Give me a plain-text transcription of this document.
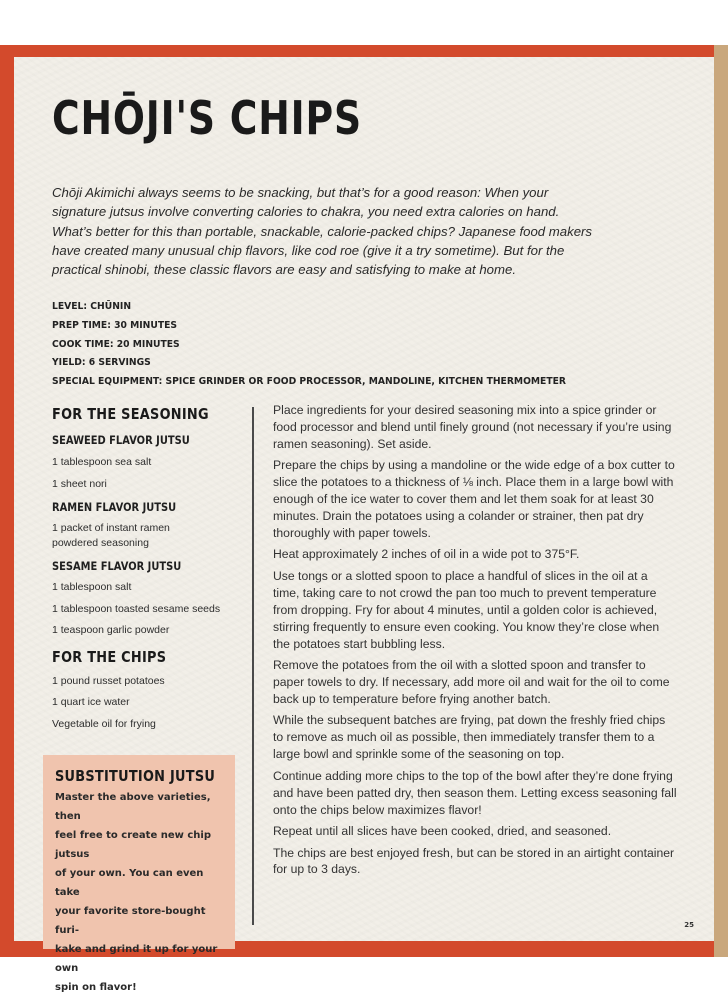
CHŌJI'S CHIPS

Chōji Akimichi always seems to be snacking, but that’s for a good reason: When your signature jutsus involve converting calories to chakra, you need extra calories on hand. What’s better for this than portable, snackable, calorie-packed chips? Japanese food makers have created many unusual chip flavors, like cod roe (give it a try sometime). But for the practical shinobi, these classic flavors are easy and satisfying to make at home.

LEVEL: CHŪNIN
PREP TIME: 30 MINUTES
COOK TIME: 20 MINUTES
YIELD: 6 SERVINGS
SPECIAL EQUIPMENT: SPICE GRINDER OR FOOD PROCESSOR, MANDOLINE, KITCHEN THERMOMETER
FOR THE SEASONING
SEAWEED FLAVOR JUTSU
1 tablespoon sea salt
1 sheet nori
RAMEN FLAVOR JUTSU
1 packet of instant ramen powdered seasoning
SESAME FLAVOR JUTSU
1 tablespoon salt
1 tablespoon toasted sesame seeds
1 teaspoon garlic powder
FOR THE CHIPS
1 pound russet potatoes
1 quart ice water
Vegetable oil for frying

Place ingredients for your desired seasoning mix into a spice grinder or food processor and blend until finely ground (not necessary if you’re using ramen seasoning). Set aside.

Prepare the chips by using a mandoline or the wide edge of a box cutter to slice the potatoes to a thickness of ⅛ inch. Place them in a large bowl with enough of the ice water to cover them and let them soak for at least 30 minutes. Drain the potatoes using a colander or strainer, then pat dry thoroughly with paper towels.

Heat approximately 2 inches of oil in a wide pot to 375°F.

Use tongs or a slotted spoon to place a handful of slices in the oil at a time, taking care to not crowd the pan too much to prevent temperature from dropping. Fry for about 4 minutes, until a golden color is achieved, stirring frequently to ensure even cooking. You know they’re close when the potatoes start bubbling less.

Remove the potatoes from the oil with a slotted spoon and transfer to paper towels to dry. If necessary, add more oil and wait for the oil to come back up to temperature before frying another batch.

While the subsequent batches are frying, pat down the freshly fried chips to remove as much oil as possible, then immediately transfer them to a large bowl and sprinkle some of the seasoning on top.

Continue adding more chips to the top of the bowl after they’re done frying and have been patted dry, then season them. Letting excess seasoning fall onto the chips below maximizes flavor!

Repeat until all slices have been cooked, dried, and seasoned.

The chips are best enjoyed fresh, but can be stored in an airtight container for up to 3 days.

SUBSTITUTION JUTSU
Master the above varieties, then
feel free to create new chip jutsus
of your own. You can even take
your favorite store-bought furi-
kake and grind it up for your own
spin on flavor!
25
